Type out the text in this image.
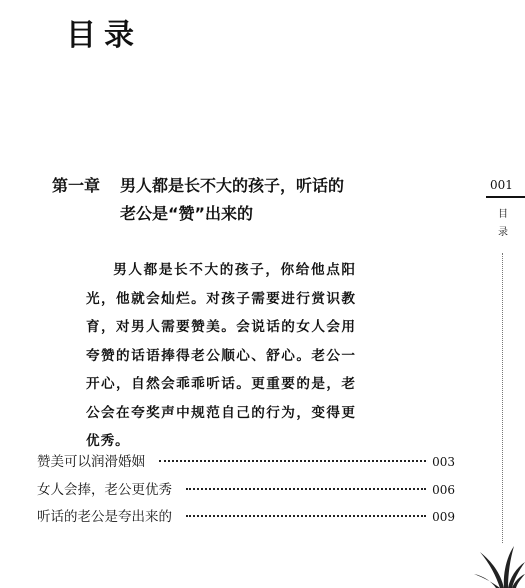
目录
第一章	男人都是长不大的孩子，听话的
老公是“赞”出来的

男人都是长不大的孩子，你给他点阳光，他就会灿烂。对孩子需要进行赏识教育，对男人需要赞美。会说话的女人会用夸赞的话语捧得老公顺心、舒心。老公一开心，自然会乖乖听话。更重要的是，老公会在夸奖声中规范自己的行为，变得更优秀。

赞美可以润滑婚姻	003
女人会捧，老公更优秀	006
听话的老公是夸出来的	009
001
目录
